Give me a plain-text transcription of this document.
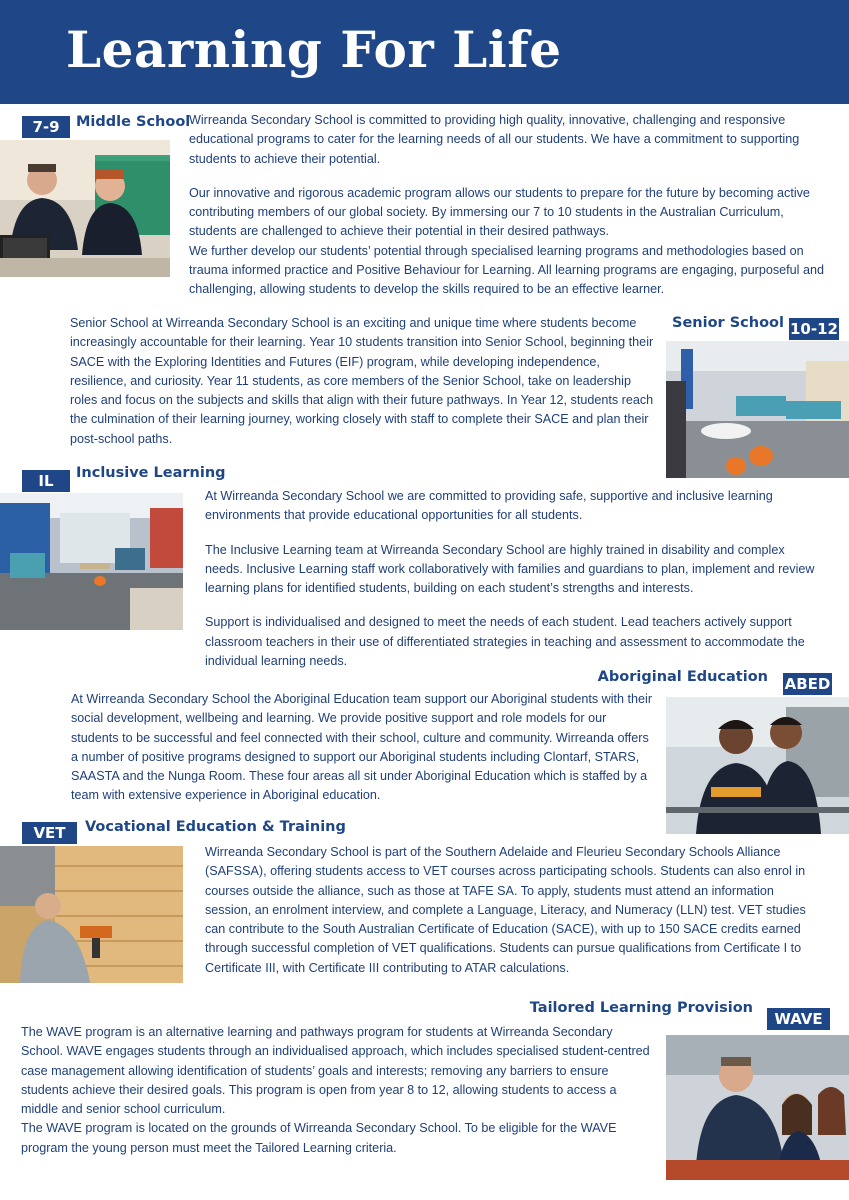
Learning For Life
7-9	Middle School

Wirreanda Secondary School is committed to providing high quality, innovative, challenging and responsive educational programs to cater for the learning needs of all our students. We have a commitment to supporting students to achieve their potential.

Our innovative and rigorous academic program allows our students to prepare for the future by becoming active contributing members of our global society. By immersing our 7 to 10 students in the Australian Curriculum, students are challenged to achieve their potential in their desired pathways.
We further develop our students’ potential through specialised learning programs and methodologies based on trauma informed practice and Positive Behaviour for Learning. All learning programs are engaging, purposeful and challenging, allowing students to develop the skills required to be an effective learner.

Senior School 10-12

Senior School at Wirreanda Secondary School is an exciting and unique time where students become increasingly accountable for their learning. Year 10 students transition into Senior School, beginning their SACE with the Exploring Identities and Futures (EIF) program, while developing independence, resilience, and curiosity. Year 11 students, as core members of the Senior School, take on leadership roles and focus on the subjects and skills that align with their future pathways. In Year 12, students reach the culmination of their learning journey, working closely with staff to complete their SACE and plan their post-school paths.

IL	Inclusive Learning

At Wirreanda Secondary School we are committed to providing safe, supportive and inclusive learning environments that provide educational opportunities for all students.

The Inclusive Learning team at Wirreanda Secondary School are highly trained in disability and complex needs. Inclusive Learning staff work collaboratively with families and guardians to plan, implement and review learning plans for identified students, building on each student’s strengths and interests.

Support is individualised and designed to meet the needs of each student. Lead teachers actively support classroom teachers in their use of differentiated strategies in teaching and assessment to accommodate the individual learning needs.

Aboriginal Education ABED

At Wirreanda Secondary School the Aboriginal Education team support our Aboriginal students with their social development, wellbeing and learning. We provide positive support and role models for our students to be successful and feel connected with their school, culture and community. Wirreanda offers a number of positive programs designed to support our Aboriginal students including Clontarf, STARS, SAASTA and the Nunga Room. These four areas all sit under Aboriginal Education which is staffed by a team with extensive experience in Aboriginal education.

VET	Vocational Education & Training

Wirreanda Secondary School is part of the Southern Adelaide and Fleurieu Secondary Schools Alliance (SAFSSA), offering students access to VET courses across participating schools. Students can also enrol in courses outside the alliance, such as those at TAFE SA. To apply, students must attend an information session, an enrolment interview, and complete a Language, Literacy, and Numeracy (LLN) test. VET studies can contribute to the South Australian Certificate of Education (SACE), with up to 150 SACE credits earned through successful completion of VET qualifications. Students can pursue qualifications from Certificate I to Certificate III, with Certificate III contributing to ATAR calculations.

Tailored Learning Provision
WAVE

The WAVE program is an alternative learning and pathways program for students at Wirreanda Secondary School. WAVE engages students through an individualised approach, which includes specialised student-centred case management allowing identification of students’ goals and interests; removing any barriers to ensure students achieve their desired goals. This program is open from year 8 to 12, allowing students to access a middle and senior school curriculum.
The WAVE program is located on the grounds of Wirreanda Secondary School. To be eligible for the WAVE program the young person must meet the Tailored Learning criteria.
